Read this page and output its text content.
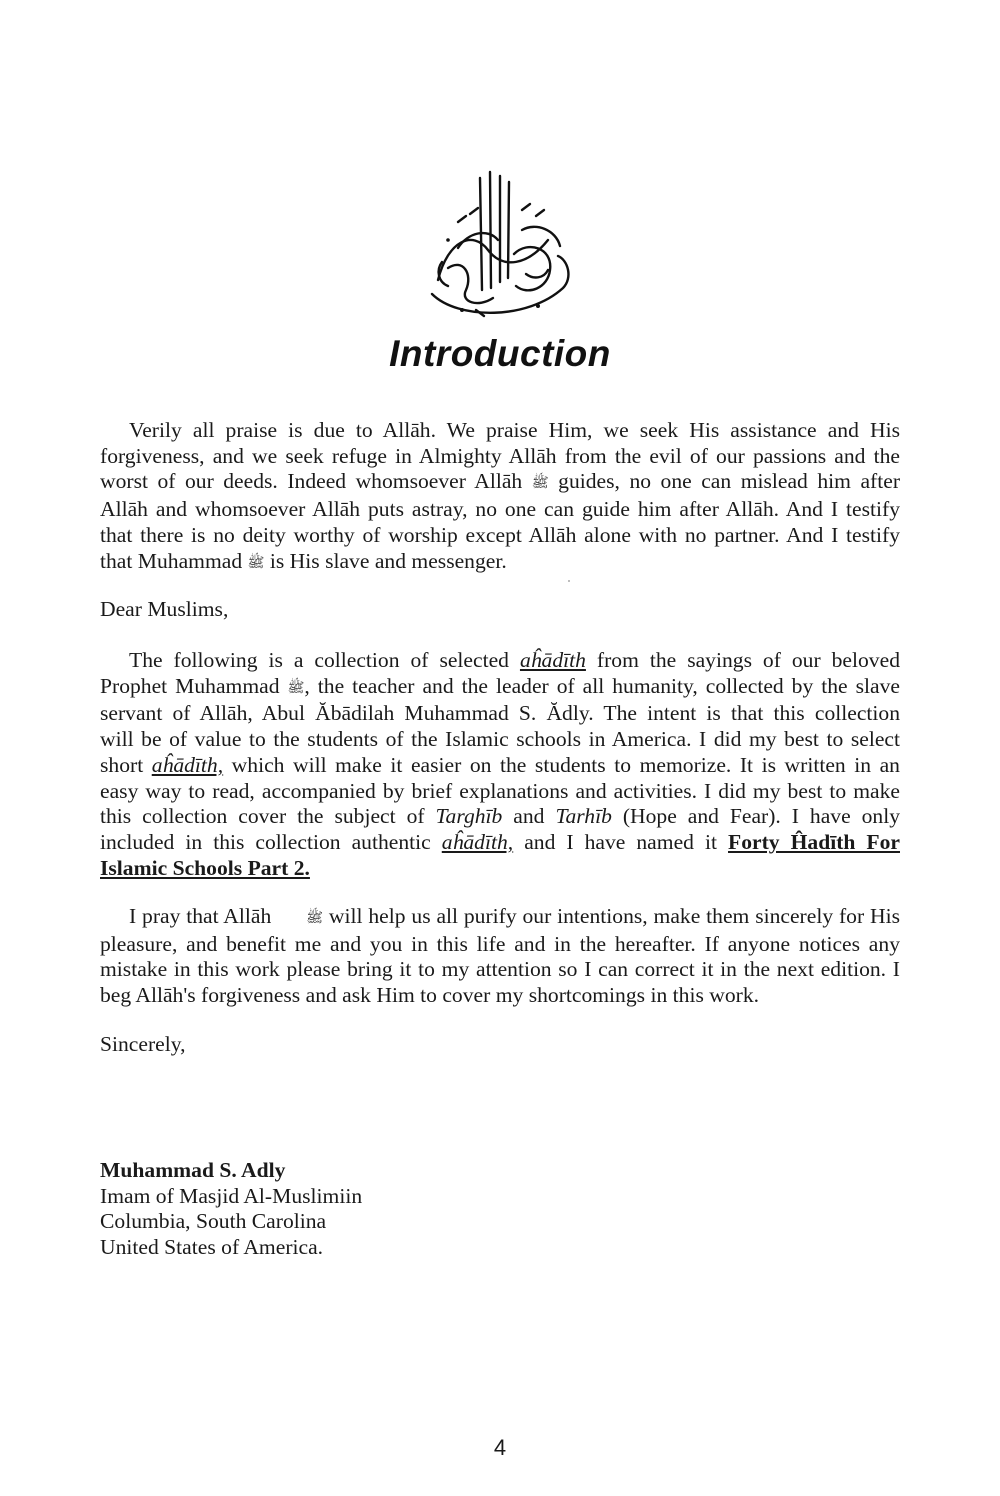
Introduction
Verily all praise is due to Allāh. We praise Him, we seek His assistance and His
forgiveness, and we seek refuge in Almighty Allāh from the evil of our passions and the
worst of our deeds. Indeed whomsoever Allāh ﷺ guides, no one can mislead him after
Allāh and whomsoever Allāh puts astray, no one can guide him after Allāh. And I testify
that there is no deity worthy of worship except Allāh alone with no partner. And I testify
that Muhammad ﷺ is His slave and messenger.
Dear Muslims,
The following is a collection of selected aĥādīth from the sayings of our beloved
Prophet Muhammad ﷺ, the teacher and the leader of all humanity, collected by the slave
servant of Allāh, Abul Ăbādilah Muhammad S. Ădly. The intent is that this collection
will be of value to the students of the Islamic schools in America. I did my best to select
short aĥādīth, which will make it easier on the students to memorize. It is written in an
easy way to read, accompanied by brief explanations and activities. I did my best to make
this collection cover the subject of Targhīb and Tarhīb (Hope and Fear). I have only
included in this collection authentic aĥādīth, and I have named it Forty Ĥadīth For
Islamic Schools Part 2.
I pray that Allāh ﷺ will help us all purify our intentions, make them sincerely for His
pleasure, and benefit me and you in this life and in the hereafter. If anyone notices any
mistake in this work please bring it to my attention so I can correct it in the next edition. I
beg Allāh's forgiveness and ask Him to cover my shortcomings in this work.
Sincerely,
Muhammad S. Adly
Imam of Masjid Al-Muslimiin
Columbia, South Carolina
United States of America.
4
